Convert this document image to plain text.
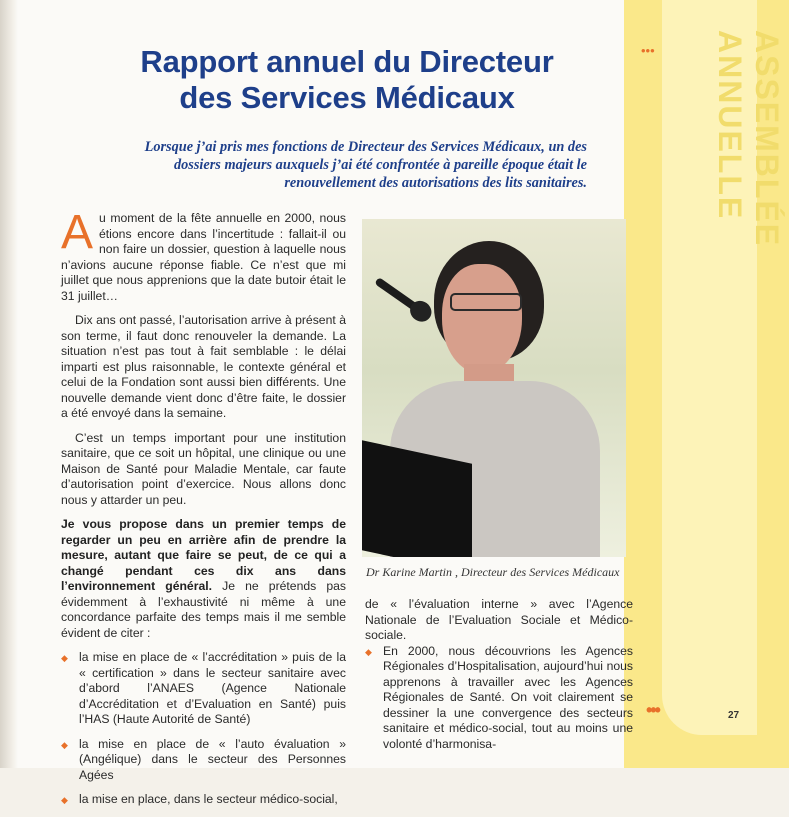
ASSEMBLÉE ANNUELLE
•••
Rapport annuel du Directeur des Services Médicaux

Lorsque j’ai pris mes fonctions de Directeur des Services Médicaux, un des dossiers majeurs auxquels j’ai été confrontée à pareille époque était le renouvellement des autorisations des lits sanitaires.

Au moment de la fête annuelle en 2000, nous étions encore dans l’incertitude : fallait-il ou non faire un dossier, question à laquelle nous n’avions aucune réponse fiable. Ce n’est que mi juillet que nous apprenions que la date butoir était le 31 juillet…

Dix ans ont passé, l’autorisation arrive à présent à son terme, il faut donc renouveler la demande. La situation n’est pas tout à fait semblable : le délai imparti est plus raisonnable, le contexte général et celui de la Fondation sont aussi bien différents. Une nouvelle demande vient donc d’être faite, le dossier a été envoyé dans la semaine.

C’est un temps important pour une institution sanitaire, que ce soit un hôpital, une clinique ou une Maison de Santé pour Maladie Mentale, car faute d’autorisation point d’exercice. Nous allons donc nous y attarder un peu.

Je vous propose dans un premier temps de regarder un peu en arrière afin de prendre la mesure, autant que faire se peut, de ce qui a changé pendant ces dix ans dans l’environnement général. Je ne prétends pas évidemment à l’exhaustivité ni même à une concordance parfaite des temps mais il me semble évident de citer :

◆ la mise en place de « l’accréditation » puis de la « certification » dans le secteur sanitaire avec d’abord l’ANAES (Agence Nationale d’Accréditation et d’Evaluation en Santé) puis l’HAS (Haute Autorité de Santé)

◆ la mise en place de « l’auto évaluation » (Angélique) dans le secteur des Personnes Agées

◆ la mise en place, dans le secteur médico-social,

Dr Karine Martin , Directeur des Services Médicaux

de « l’évaluation interne » avec l’Agence Nationale de l’Evaluation Sociale et Médico-sociale.

◆ En 2000, nous découvrions les Agences Régionales d’Hospitalisation, aujourd’hui nous apprenons à travailler avec les Agences Régionales de Santé. On voit clairement se dessiner la une convergence des secteurs sanitaire et médico-social, tout au moins une volonté d’harmonisa-

•••	27
